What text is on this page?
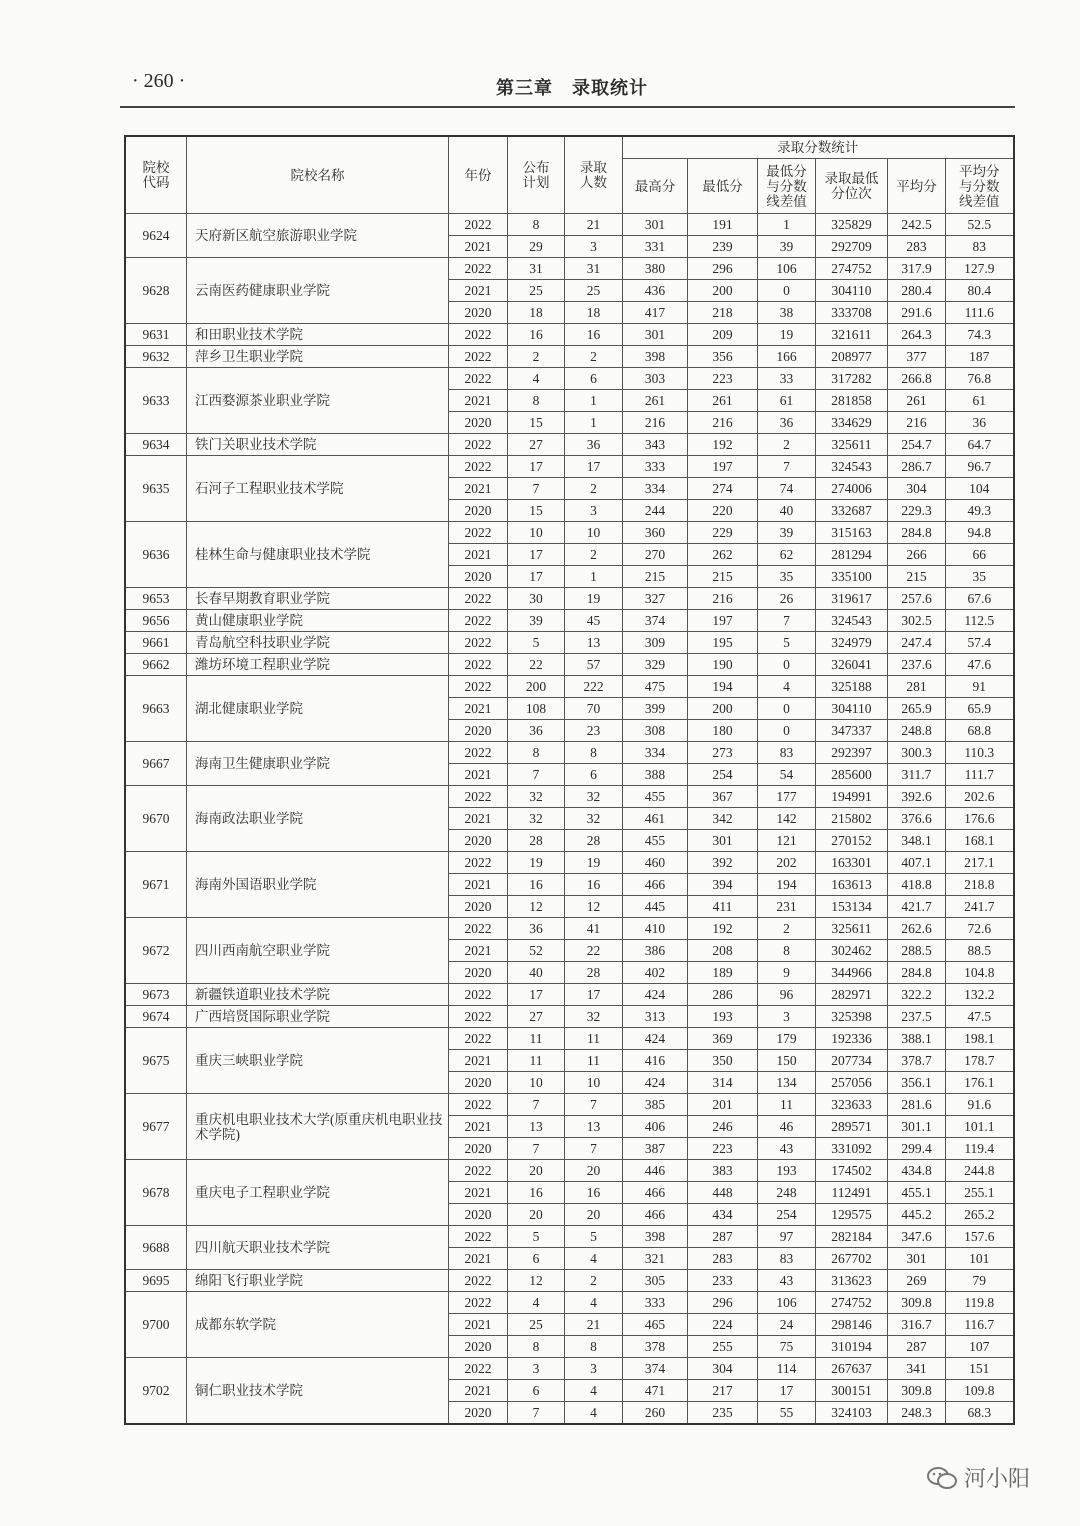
· 260 ·	第三章　录取统计
院校代码	院校名称	年份	公布计划	录取人数	录取分数统计					
					最高分	最低分	最低分与分数线差值	录取最低分位次	平均分	平均分与分数线差值
9624	天府新区航空旅游职业学院	2022	8	21	301	191	1	325829	242.5	52.5
		2021	29	3	331	239	39	292709	283	83
9628	云南医药健康职业学院	2022	31	31	380	296	106	274752	317.9	127.9
		2021	25	25	436	200	0	304110	280.4	80.4
		2020	18	18	417	218	38	333708	291.6	111.6
9631	和田职业技术学院	2022	16	16	301	209	19	321611	264.3	74.3
9632	萍乡卫生职业学院	2022	2	2	398	356	166	208977	377	187
9633	江西婺源茶业职业学院	2022	4	6	303	223	33	317282	266.8	76.8
		2021	8	1	261	261	61	281858	261	61
		2020	15	1	216	216	36	334629	216	36
9634	铁门关职业技术学院	2022	27	36	343	192	2	325611	254.7	64.7
9635	石河子工程职业技术学院	2022	17	17	333	197	7	324543	286.7	96.7
		2021	7	2	334	274	74	274006	304	104
		2020	15	3	244	220	40	332687	229.3	49.3
9636	桂林生命与健康职业技术学院	2022	10	10	360	229	39	315163	284.8	94.8
		2021	17	2	270	262	62	281294	266	66
		2020	17	1	215	215	35	335100	215	35
9653	长春早期教育职业学院	2022	30	19	327	216	26	319617	257.6	67.6
9656	黄山健康职业学院	2022	39	45	374	197	7	324543	302.5	112.5
9661	青岛航空科技职业学院	2022	5	13	309	195	5	324979	247.4	57.4
9662	潍坊环境工程职业学院	2022	22	57	329	190	0	326041	237.6	47.6
9663	湖北健康职业学院	2022	200	222	475	194	4	325188	281	91
		2021	108	70	399	200	0	304110	265.9	65.9
		2020	36	23	308	180	0	347337	248.8	68.8
9667	海南卫生健康职业学院	2022	8	8	334	273	83	292397	300.3	110.3
		2021	7	6	388	254	54	285600	311.7	111.7
9670	海南政法职业学院	2022	32	32	455	367	177	194991	392.6	202.6
		2021	32	32	461	342	142	215802	376.6	176.6
		2020	28	28	455	301	121	270152	348.1	168.1
9671	海南外国语职业学院	2022	19	19	460	392	202	163301	407.1	217.1
		2021	16	16	466	394	194	163613	418.8	218.8
		2020	12	12	445	411	231	153134	421.7	241.7
9672	四川西南航空职业学院	2022	36	41	410	192	2	325611	262.6	72.6
		2021	52	22	386	208	8	302462	288.5	88.5
		2020	40	28	402	189	9	344966	284.8	104.8
9673	新疆铁道职业技术学院	2022	17	17	424	286	96	282971	322.2	132.2
9674	广西培贤国际职业学院	2022	27	32	313	193	3	325398	237.5	47.5
9675	重庆三峡职业学院	2022	11	11	424	369	179	192336	388.1	198.1
		2021	11	11	416	350	150	207734	378.7	178.7
		2020	10	10	424	314	134	257056	356.1	176.1
9677	重庆机电职业技术大学(原重庆机电职业技术学院)	2022	7	7	385	201	11	323633	281.6	91.6
		2021	13	13	406	246	46	289571	301.1	101.1
		2020	7	7	387	223	43	331092	299.4	119.4
9678	重庆电子工程职业学院	2022	20	20	446	383	193	174502	434.8	244.8
		2021	16	16	466	448	248	112491	455.1	255.1
		2020	20	20	466	434	254	129575	445.2	265.2
9688	四川航天职业技术学院	2022	5	5	398	287	97	282184	347.6	157.6
		2021	6	4	321	283	83	267702	301	101
9695	绵阳飞行职业学院	2022	12	2	305	233	43	313623	269	79
9700	成都东软学院	2022	4	4	333	296	106	274752	309.8	119.8
		2021	25	21	465	224	24	298146	316.7	116.7
		2020	8	8	378	255	75	310194	287	107
9702	铜仁职业技术学院	2022	3	3	374	304	114	267637	341	151
		2021	6	4	471	217	17	300151	309.8	109.8
		2020	7	4	260	235	55	324103	248.3	68.3
河小阳
